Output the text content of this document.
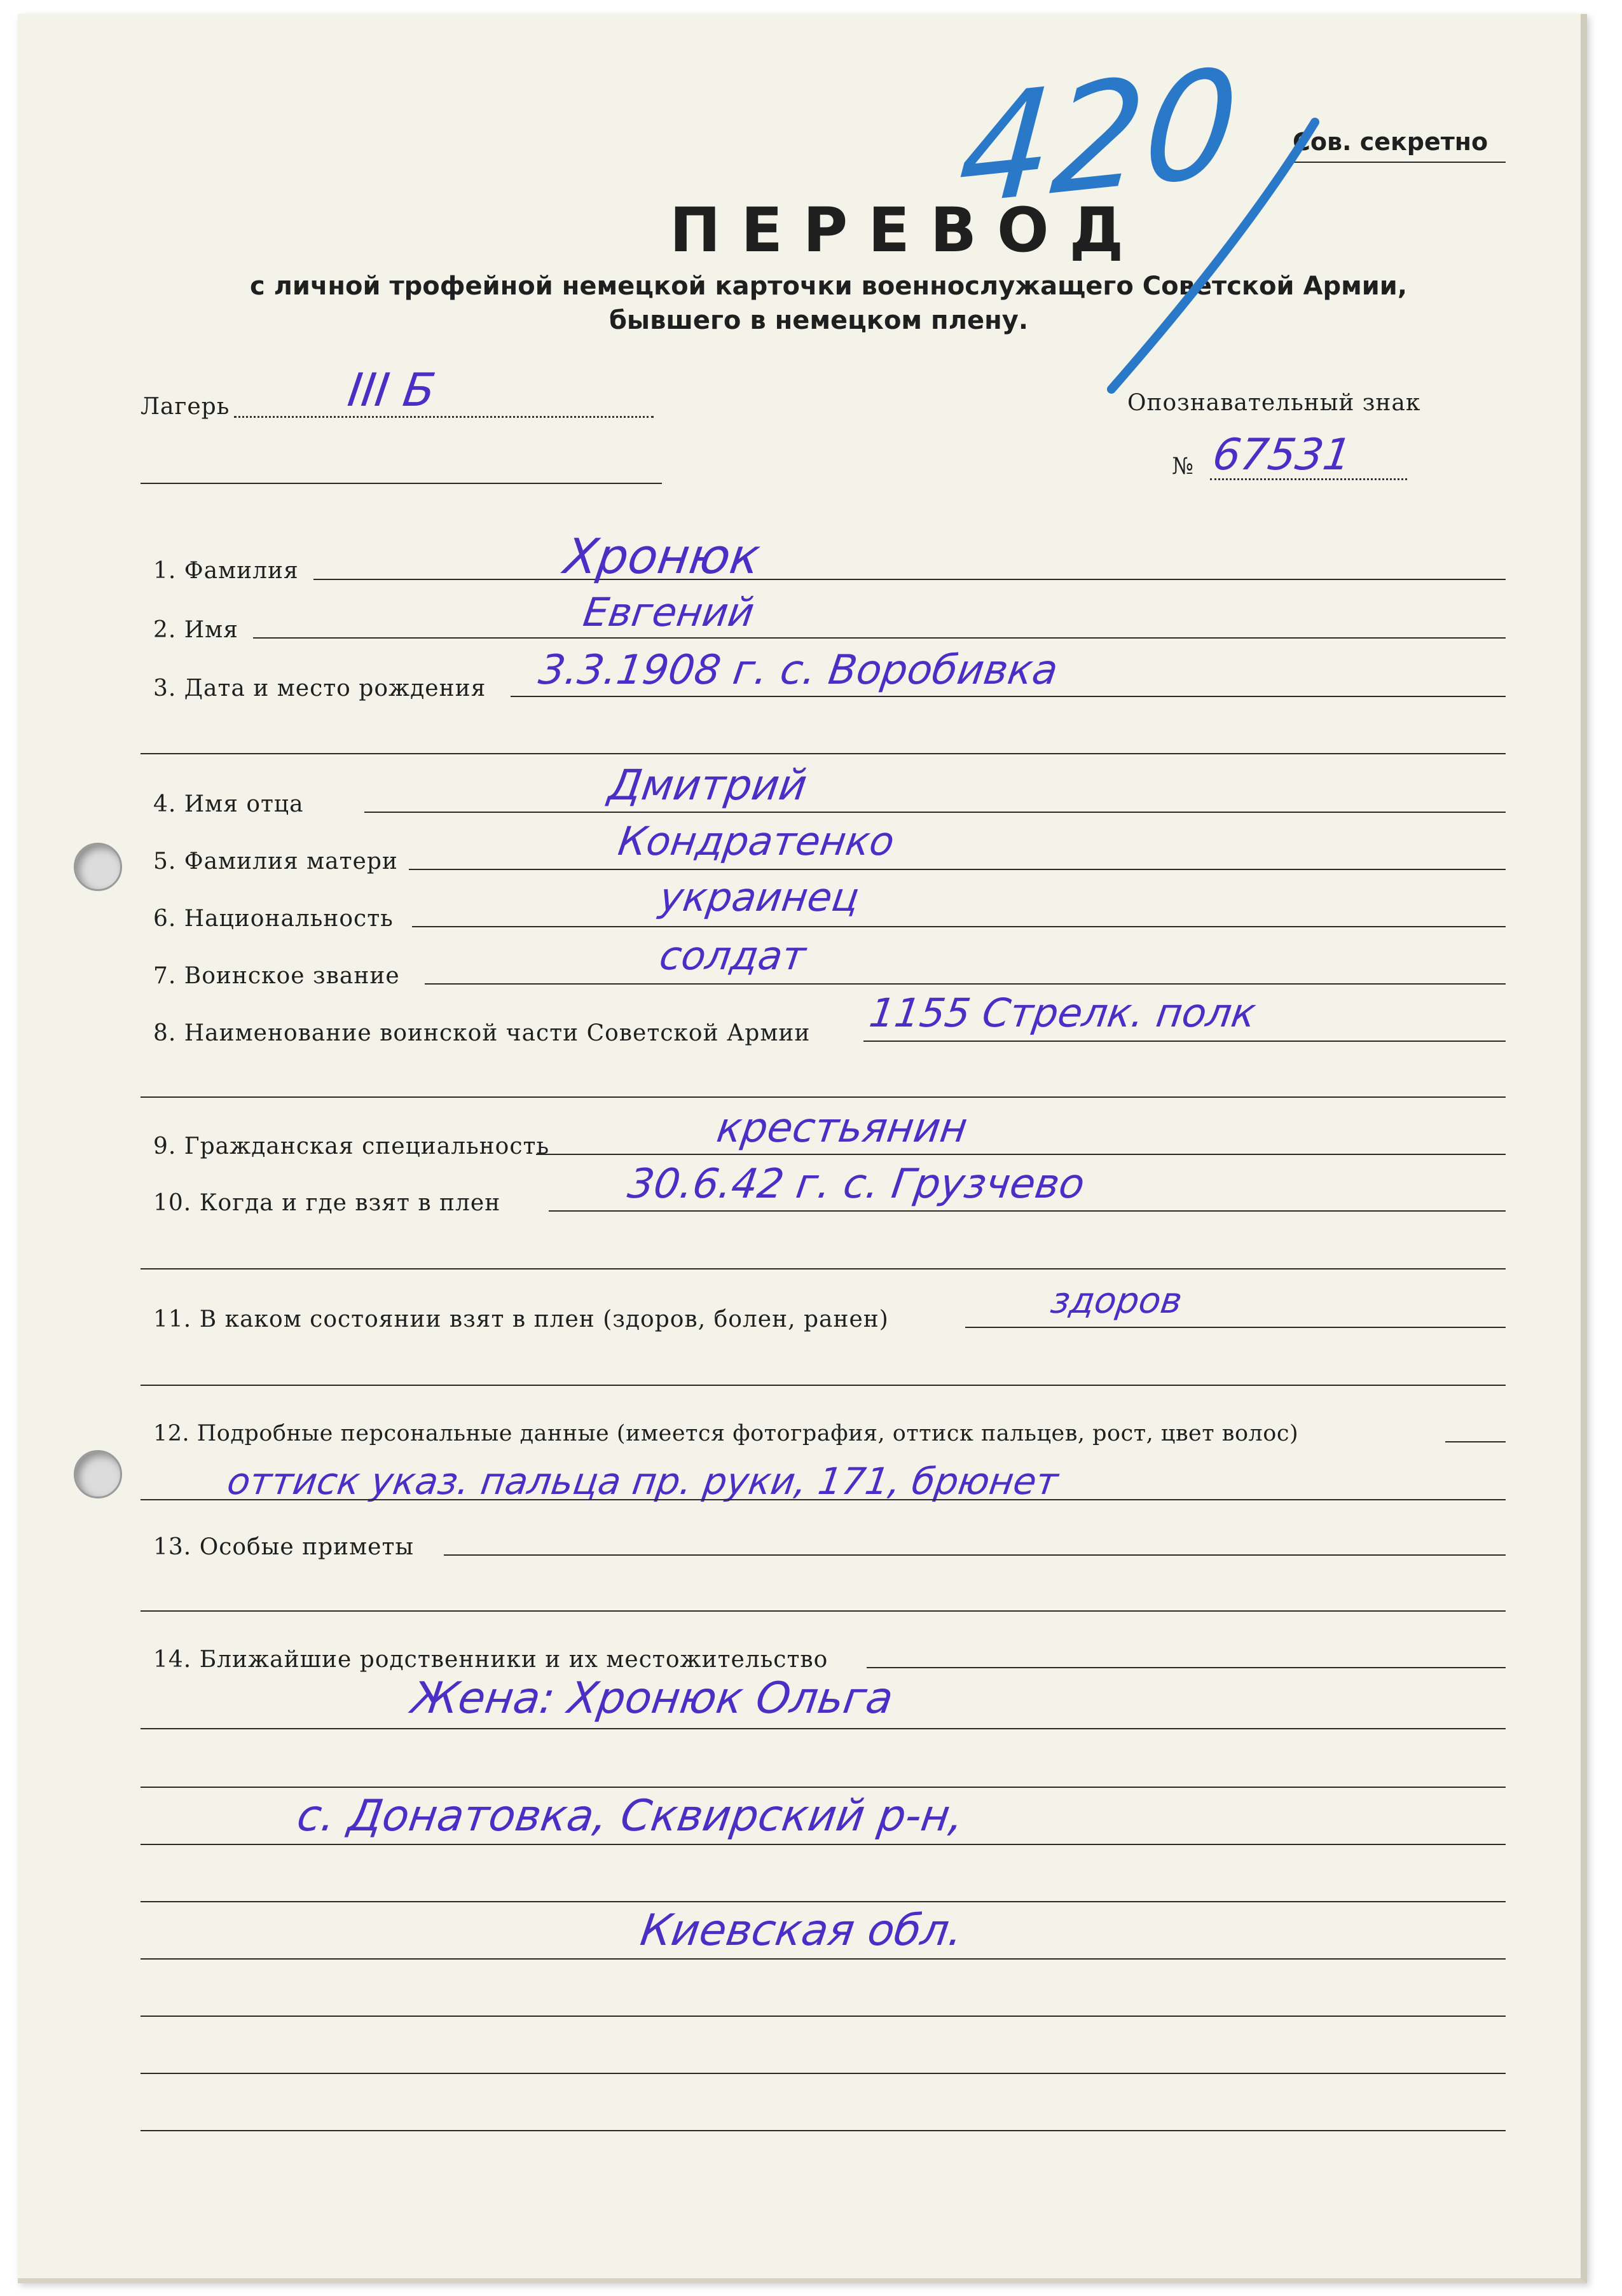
Сов. секретно
ПЕРЕВОД
с личной трофейной немецкой карточки военнослужащего Советской Армии,
бывшего в немецком плену.
420
Лагерь	III Б	Опознавательный знак
№ 67531
1. Фамилия	Хронюк
2. Имя	Евгений
3. Дата и место рождения 3.3.1908 г. с. Воробивка
4. Имя отца	Дмитрий
5. Фамилия матери	Кондратенко
6. Национальность	украинец
7. Воинское звание	солдат
8. Наименование воинской части Советской Армии 1155 Стрелк. полк
9. Гражданская специальность	крестьянин
10. Когда и где взят в плен	30.6.42 г. с. Грузчево
11. В каком состоянии взят в плен (здоров, болен, ранен)	здоров
12. Подробные персональные данные (имеется фотография, оттиск пальцев, рост, цвет волос)
оттиск указ. пальца пр. руки, 171, брюнет
13. Особые приметы
14. Ближайшие родственники и их местожительство
Жена: Хронюк Ольга
с. Донатовка, Сквирский р-н,
Киевская обл.
